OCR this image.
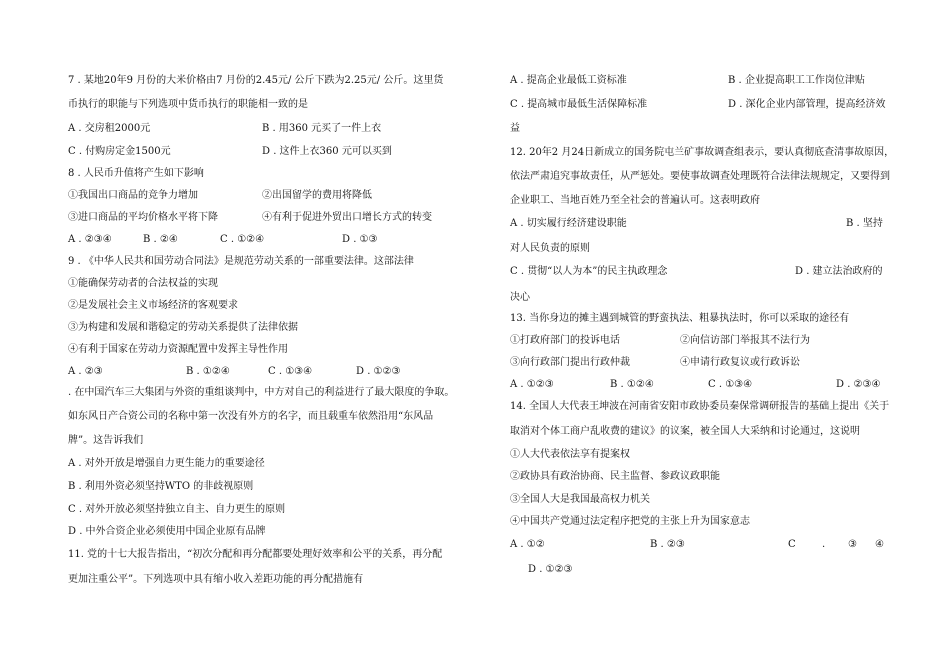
7 . 某地20年9 月份的大米价格由7 月份的2.45元/ 公斤下跌为2.25元/ 公斤。这里货
币执行的职能与下列选项中货币执行的职能相一致的是
A . 交房租2000元	B . 用360 元买了一件上衣
C . 付购房定金1500元	D . 这件上衣360 元可以买到
8 . 人民币升值将产生如下影响
①我国出口商品的竞争力增加	②出国留学的费用将降低
③进口商品的平均价格水平将下降	④有利于促进外贸出口增长方式的转变
A . ②③④	B . ②④	C . ①②④	D . ①③
9 . 《中华人民共和国劳动合同法》是规范劳动关系的一部重要法律。这部法律
①能确保劳动者的合法权益的实现
②是发展社会主义市场经济的客观要求
③为构建和发展和谐稳定的劳动关系提供了法律依据
④有利于国家在劳动力资源配置中发挥主导性作用
A . ②③	B . ①②④	C . ①③④	D . ①②③
. 在中国汽车三大集团与外资的重组谈判中，中方对自己的利益进行了最大限度的争取。
如东风日产合资公司的名称中第一次没有外方的名字，而且载重车依然沿用“东风品
牌”。这告诉我们
A . 对外开放是增强自力更生能力的重要途径
B . 利用外资必须坚持WTO 的非歧视原则
C . 对外开放必须坚持独立自主、自力更生的原则
D . 中外合资企业必须使用中国企业原有品牌
11. 党的十七大报告指出，“初次分配和再分配都要处理好效率和公平的关系，再分配
更加注重公平”。下列选项中具有缩小收入差距功能的再分配措施有
A . 提高企业最低工资标准	B . 企业提高职工工作岗位津贴
C . 提高城市最低生活保障标准	D . 深化企业内部管理，提高经济效
益
12. 20年2 月24日新成立的国务院屯兰矿事故调查组表示，要认真彻底查清事故原因，
依法严肃追究事故责任，从严惩处。要使事故调查处理既符合法律法规规定，又要得到
企业职工、当地百姓乃至全社会的普遍认可。这表明政府
A . 切实履行经济建设职能	B . 坚持
对人民负责的原则
C . 贯彻“以人为本”的民主执政理念	D . 建立法治政府的
决心
13. 当你身边的摊主遇到城管的野蛮执法、粗暴执法时，你可以采取的途径有
①打政府部门的投诉电话	②向信访部门举报其不法行为
③向行政部门提出行政仲裁	④申请行政复议或行政诉讼
A . ①②③	B . ①②④	C . ①③④	D . ②③④
14. 全国人大代表王坤波在河南省安阳市政协委员秦保常调研报告的基础上提出《关于
取消对个体工商户乱收费的建议》的议案，被全国人大采纳和讨论通过，这说明
①人大代表依法享有提案权
②政协具有政治协商、民主监督、参政议政职能
③全国人大是我国最高权力机关
④中国共产党通过法定程序把党的主张上升为国家意志
A . ①②	B . ②③	C	. ③ ④
D . ①②③
